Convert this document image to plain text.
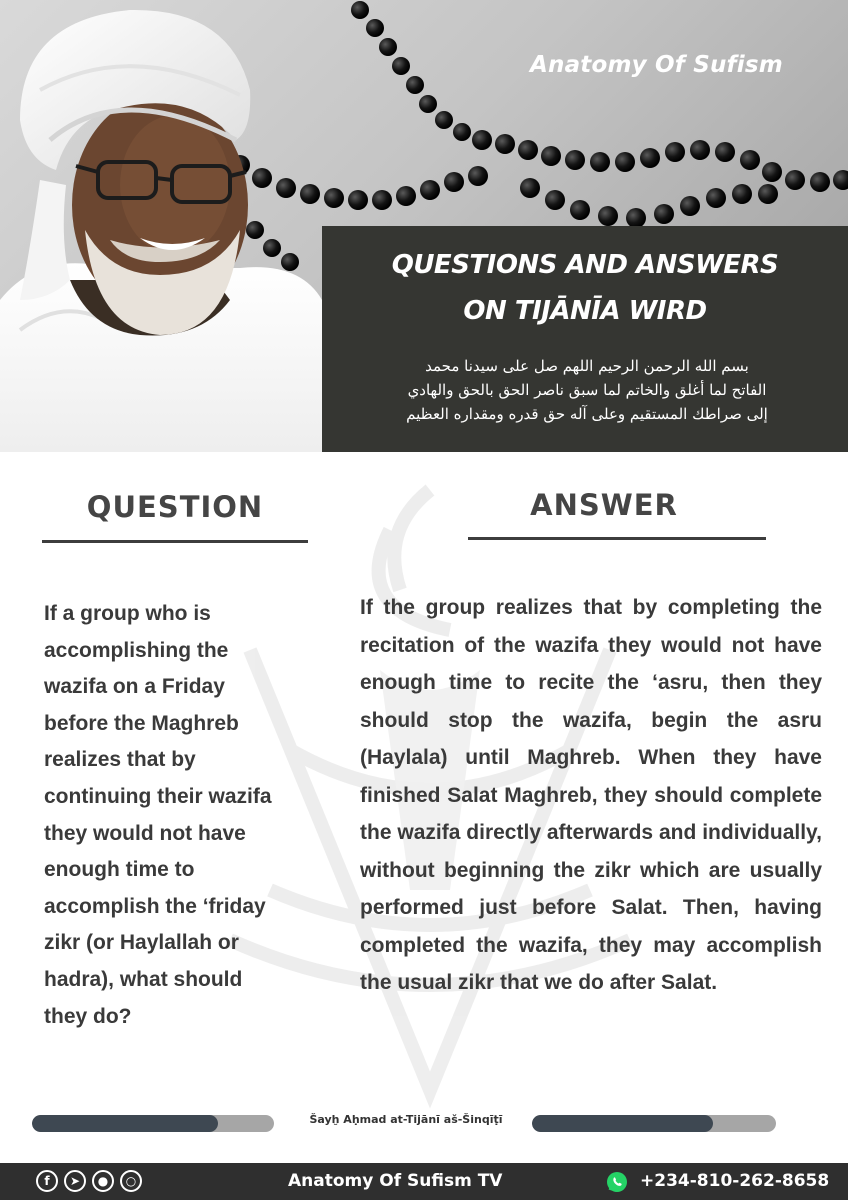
Anatomy Of Sufism
QUESTIONS AND ANSWERS
ON TIJĀNĪA WIRD
بسم الله الرحمن الرحيم اللهم صل على سيدنا محمد
الفاتح لما أغلق والخاتم لما سبق ناصر الحق بالحق والهادي
إلى صراطك المستقيم وعلى آله حق قدره ومقداره العظيم
QUESTION	ANSWER
If a group who is accomplishing the wazifa on a Friday before the Maghreb realizes that by continuing their wazifa they would not have enough time to accomplish the ‘friday zikr (or Haylallah or hadra), what should they do?
If the group realizes that by completing the recitation of the wazifa they would not have enough time to recite the ‘asru, then they should stop the wazifa, begin the asru (Haylala) until Maghreb. When they have finished Salat Maghreb, they should complete the wazifa directly afterwards and individually, without beginning the zikr which are usually performed just before Salat. Then, having completed the wazifa, they may accomplish the usual zikr that we do after Salat.
Šayḫ Aḥmad at-Tijānī aš-Šinqīṭī
f	➤	●	○	Anatomy Of Sufism TV	+234-810-262-8658
